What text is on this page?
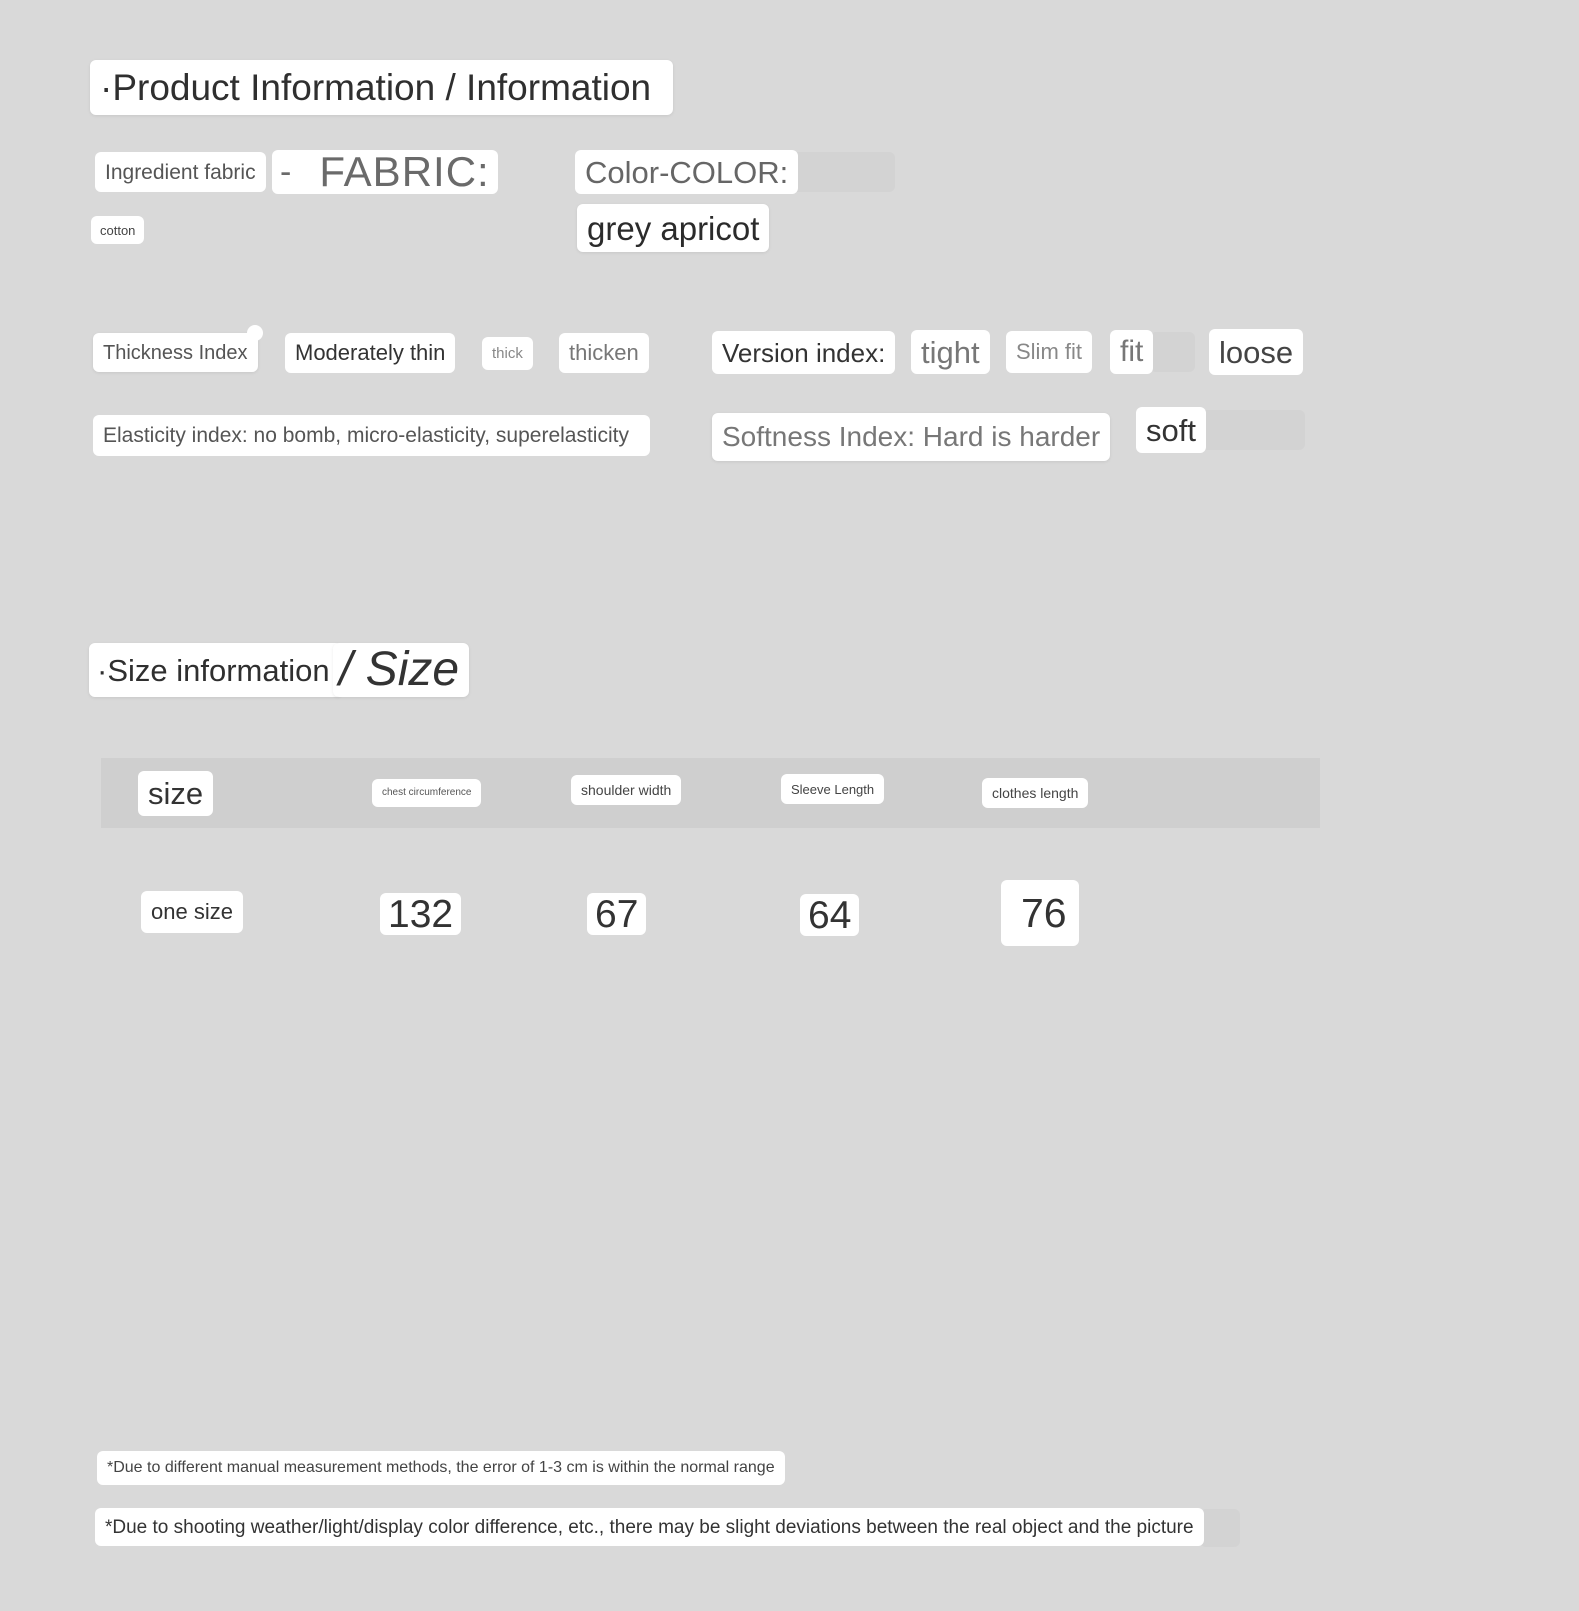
·Product Information / Information
Ingredient fabric - FABRIC:
cotton
Color-COLOR:
grey apricot
Thickness Index	Moderately thin	thick	thicken	Version index:	tight	Slim fit	fit	loose
Elasticity index: no bomb, micro-elasticity, superelasticity	Softness Index: Hard is harder	soft
·Size information / Size
size	chest circumference	shoulder width	Sleeve Length	clothes length
one size	132	67	64	76
*Due to different manual measurement methods, the error of 1-3 cm is within the normal range
*Due to shooting weather/light/display color difference, etc., there may be slight deviations between the real object and the picture
